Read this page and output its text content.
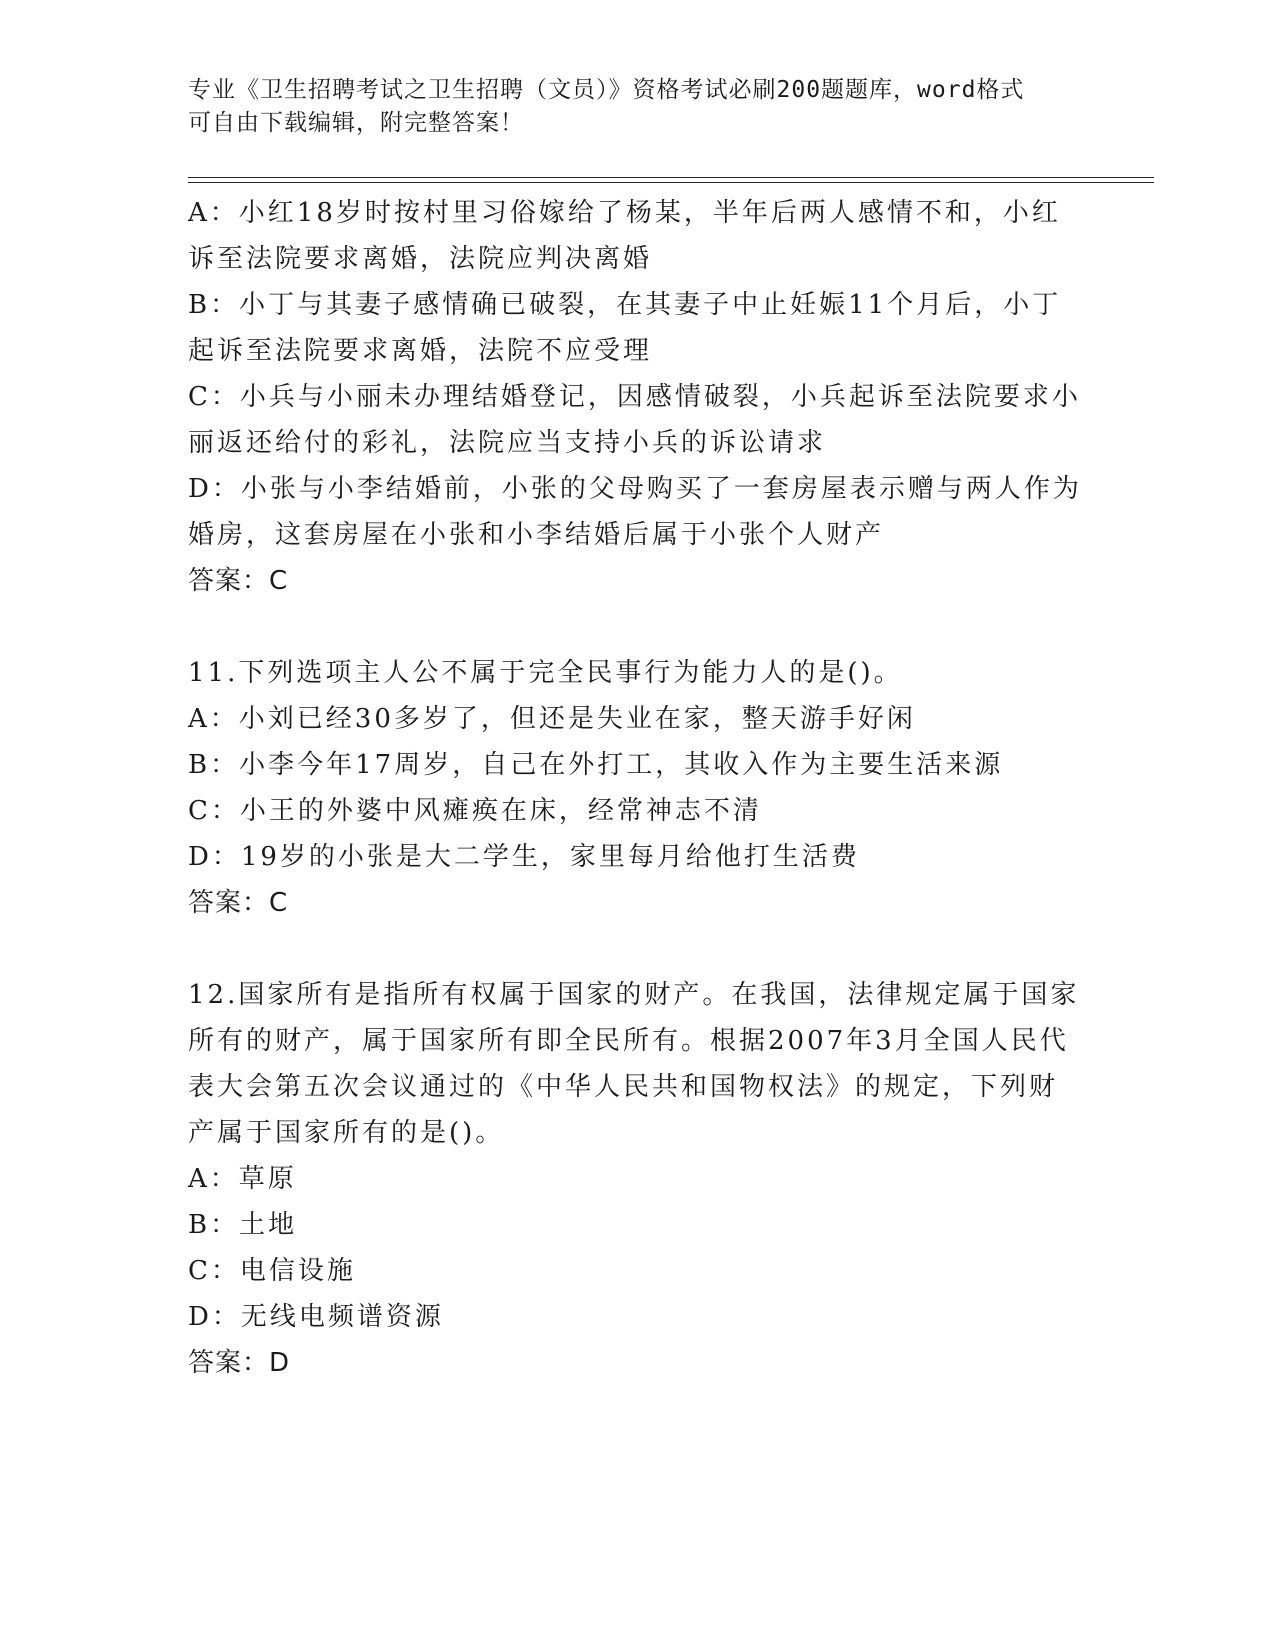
专业《卫生招聘考试之卫生招聘（文员）》资格考试必刷200题题库，word格式
可自由下载编辑，附完整答案！
A：小红18岁时按村里习俗嫁给了杨某，半年后两人感情不和，小红
诉至法院要求离婚，法院应判决离婚
B：小丁与其妻子感情确已破裂，在其妻子中止妊娠11个月后，小丁
起诉至法院要求离婚，法院不应受理
C：小兵与小丽未办理结婚登记，因感情破裂，小兵起诉至法院要求小
丽返还给付的彩礼，法院应当支持小兵的诉讼请求
D：小张与小李结婚前，小张的父母购买了一套房屋表示赠与两人作为
婚房，这套房屋在小张和小李结婚后属于小张个人财产
答案：C
11.下列选项主人公不属于完全民事行为能力人的是()。
A：小刘已经30多岁了，但还是失业在家，整天游手好闲
B：小李今年17周岁，自己在外打工，其收入作为主要生活来源
C：小王的外婆中风瘫痪在床，经常神志不清
D：19岁的小张是大二学生，家里每月给他打生活费
答案：C
12.国家所有是指所有权属于国家的财产。在我国，法律规定属于国家
所有的财产，属于国家所有即全民所有。根据2007年3月全国人民代
表大会第五次会议通过的《中华人民共和国物权法》的规定，下列财
产属于国家所有的是()。
A：草原
B：土地
C：电信设施
D：无线电频谱资源
答案：D
